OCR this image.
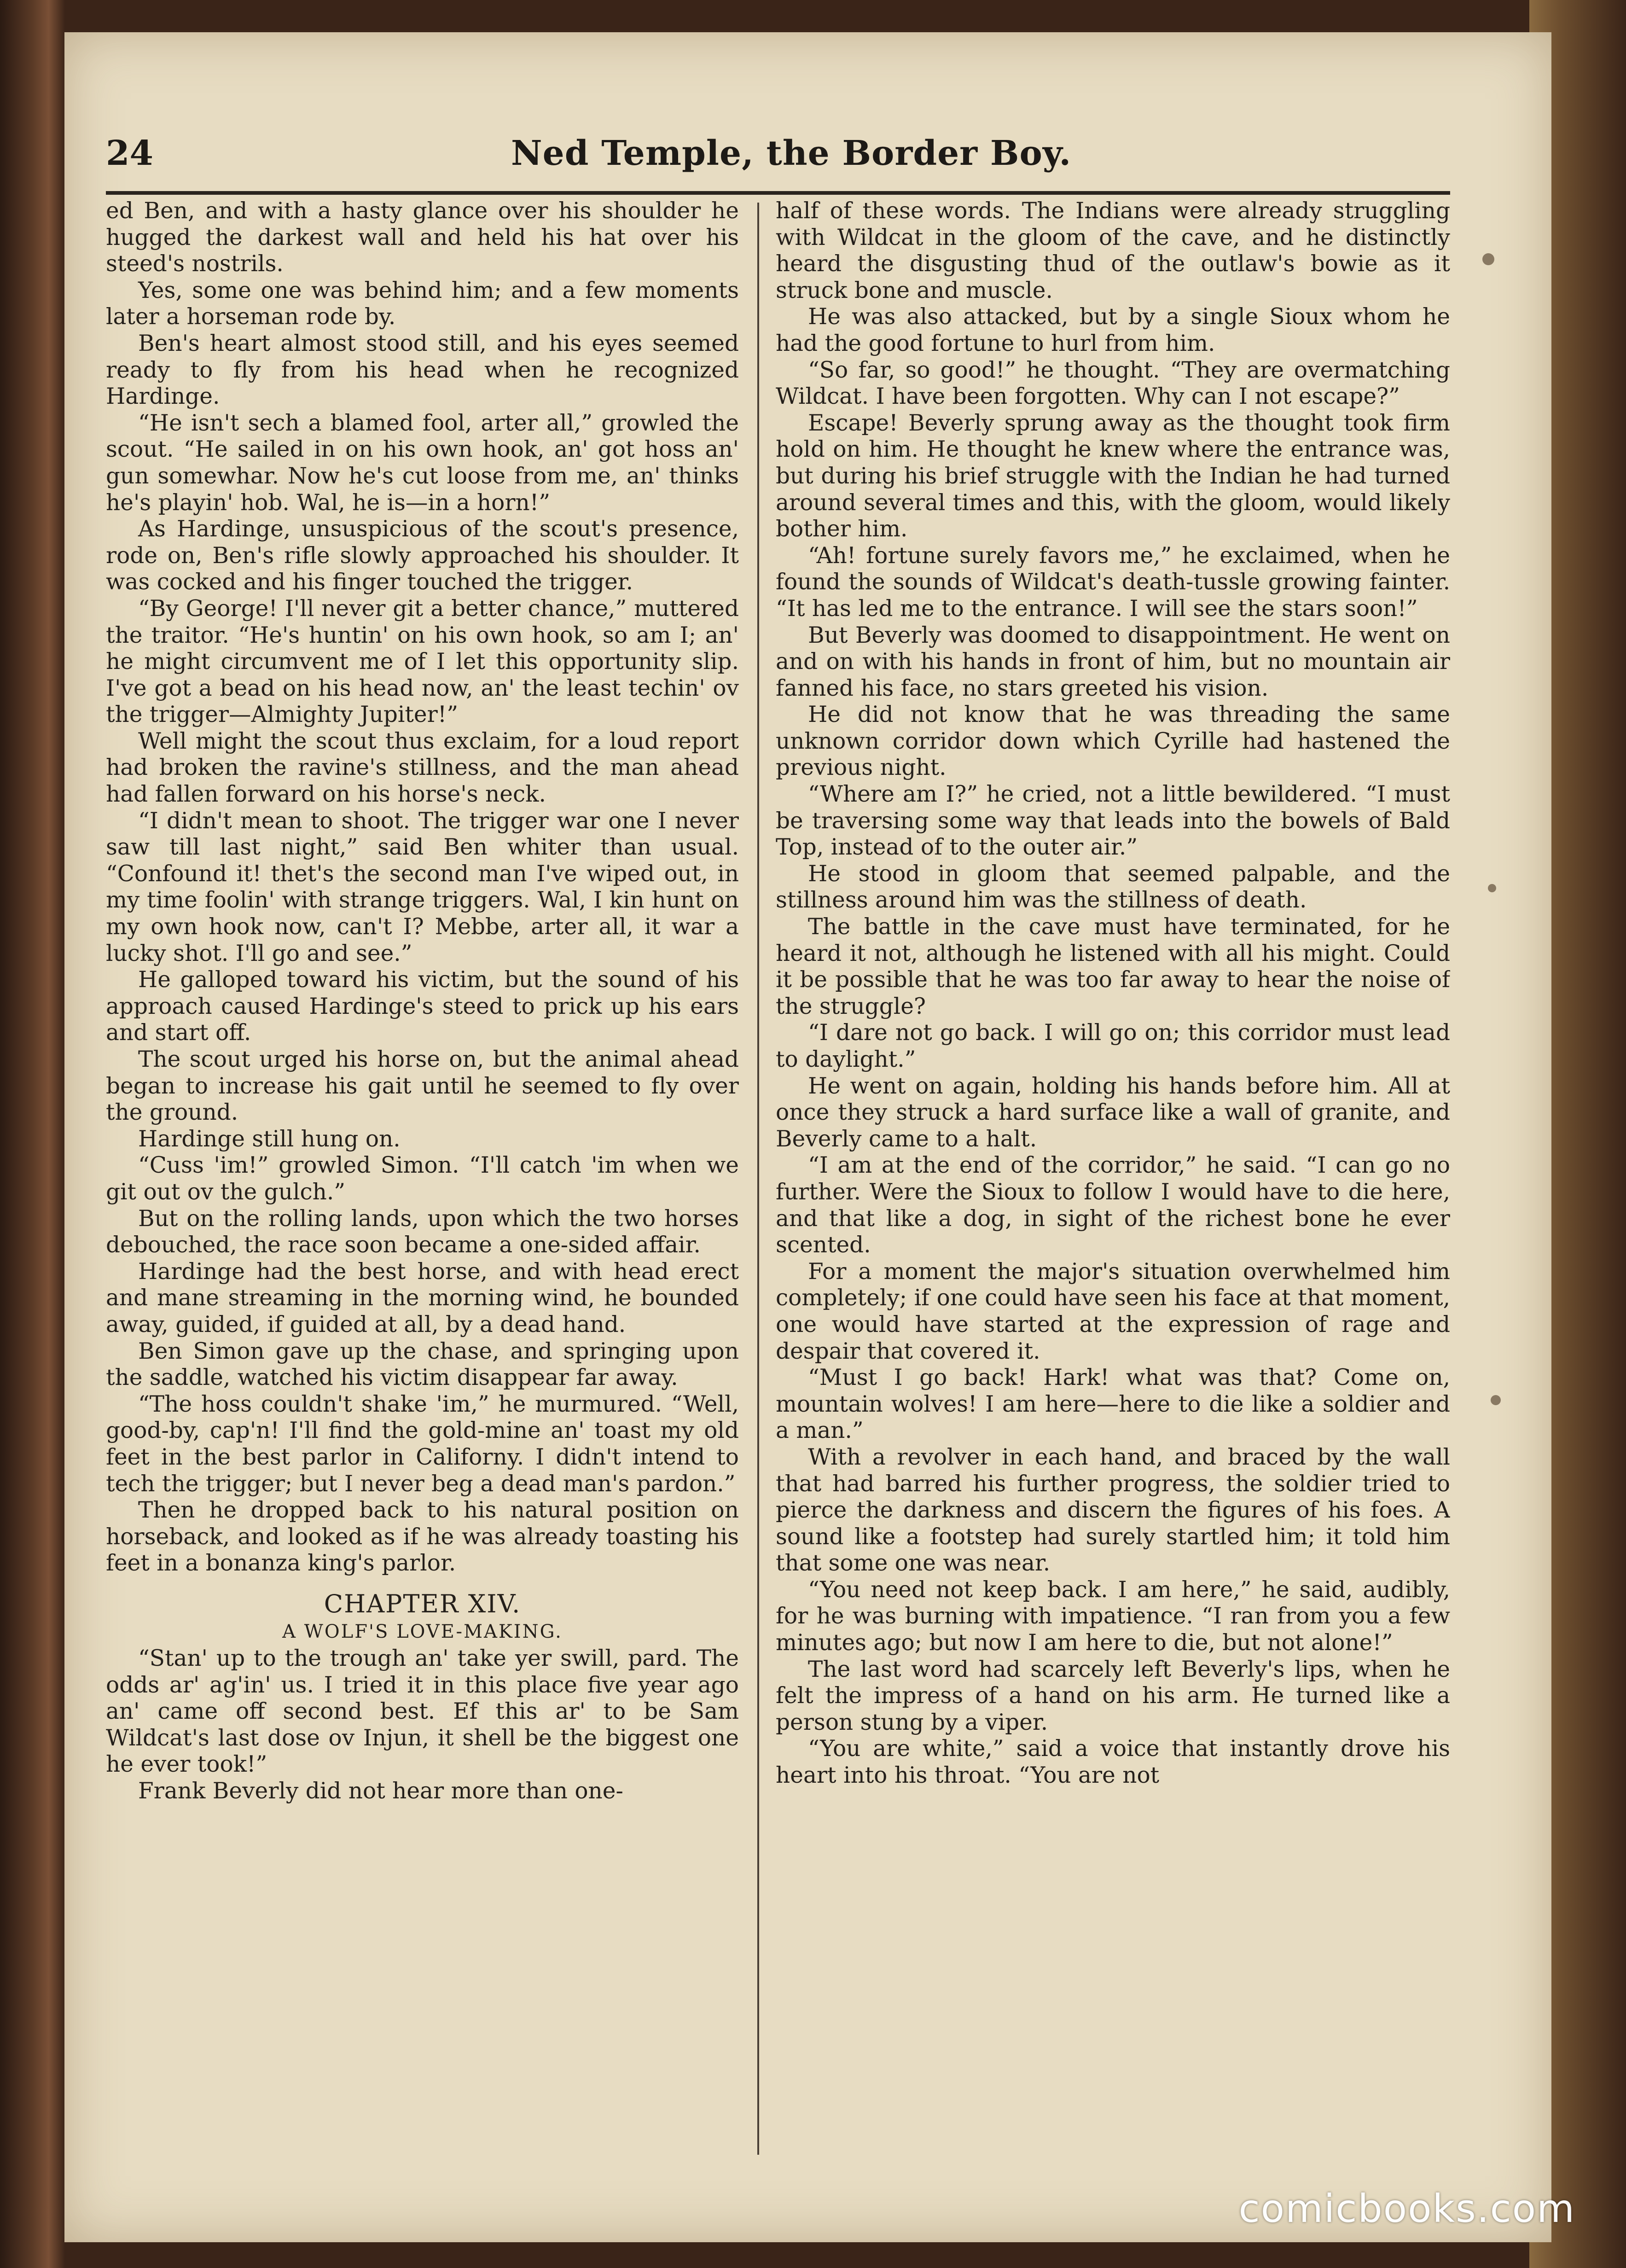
24	Ned Temple, the Border Boy.

ed Ben, and with a hasty glance over his shoulder he hugged the darkest wall and held his hat over his steed's nostrils.

Yes, some one was behind him; and a few moments later a horseman rode by.

Ben's heart almost stood still, and his eyes seemed ready to fly from his head when he recognized Hardinge.

“He isn't sech a blamed fool, arter all,” growled the scout. “He sailed in on his own hook, an' got hoss an' gun somewhar. Now he's cut loose from me, an' thinks he's playin' hob. Wal, he is—in a horn!”

As Hardinge, unsuspicious of the scout's presence, rode on, Ben's rifle slowly approached his shoulder. It was cocked and his finger touched the trigger.

“By George! I'll never git a better chance,” muttered the traitor. “He's huntin' on his own hook, so am I; an' he might circumvent me of I let this opportunity slip. I've got a bead on his head now, an' the least techin' ov the trigger—Almighty Jupiter!”

Well might the scout thus exclaim, for a loud report had broken the ravine's stillness, and the man ahead had fallen forward on his horse's neck.

“I didn't mean to shoot. The trigger war one I never saw till last night,” said Ben whiter than usual. “Confound it! thet's the second man I've wiped out, in my time foolin' with strange triggers. Wal, I kin hunt on my own hook now, can't I? Mebbe, arter all, it war a lucky shot. I'll go and see.”

He galloped toward his victim, but the sound of his approach caused Hardinge's steed to prick up his ears and start off.

The scout urged his horse on, but the animal ahead began to increase his gait until he seemed to fly over the ground.

Hardinge still hung on.

“Cuss 'im!” growled Simon. “I'll catch 'im when we git out ov the gulch.”

But on the rolling lands, upon which the two horses debouched, the race soon became a one-sided affair.

Hardinge had the best horse, and with head erect and mane streaming in the morning wind, he bounded away, guided, if guided at all, by a dead hand.

Ben Simon gave up the chase, and springing upon the saddle, watched his victim disappear far away.

“The hoss couldn't shake 'im,” he murmured. “Well, good-by, cap'n! I'll find the gold-mine an' toast my old feet in the best parlor in Californy. I didn't intend to tech the trigger; but I never beg a dead man's pardon.”

Then he dropped back to his natural position on horseback, and looked as if he was already toasting his feet in a bonanza king's parlor.

CHAPTER XIV.

A WOLF'S LOVE-MAKING.

“Stan' up to the trough an' take yer swill, pard. The odds ar' ag'in' us. I tried it in this place five year ago an' came off second best. Ef this ar' to be Sam Wildcat's last dose ov Injun, it shell be the biggest one he ever took!”

Frank Beverly did not hear more than one-

half of these words. The Indians were already struggling with Wildcat in the gloom of the cave, and he distinctly heard the disgusting thud of the outlaw's bowie as it struck bone and muscle.

He was also attacked, but by a single Sioux whom he had the good fortune to hurl from him.

“So far, so good!” he thought. “They are overmatching Wildcat. I have been forgotten. Why can I not escape?”

Escape! Beverly sprung away as the thought took firm hold on him. He thought he knew where the entrance was, but during his brief struggle with the Indian he had turned around several times and this, with the gloom, would likely bother him.

“Ah! fortune surely favors me,” he exclaimed, when he found the sounds of Wildcat's death-tussle growing fainter. “It has led me to the entrance. I will see the stars soon!”

But Beverly was doomed to disappointment. He went on and on with his hands in front of him, but no mountain air fanned his face, no stars greeted his vision.

He did not know that he was threading the same unknown corridor down which Cyrille had hastened the previous night.

“Where am I?” he cried, not a little bewildered. “I must be traversing some way that leads into the bowels of Bald Top, instead of to the outer air.”

He stood in gloom that seemed palpable, and the stillness around him was the stillness of death.

The battle in the cave must have terminated, for he heard it not, although he listened with all his might. Could it be possible that he was too far away to hear the noise of the struggle?

“I dare not go back. I will go on; this corridor must lead to daylight.”

He went on again, holding his hands before him. All at once they struck a hard surface like a wall of granite, and Beverly came to a halt.

“I am at the end of the corridor,” he said. “I can go no further. Were the Sioux to follow I would have to die here, and that like a dog, in sight of the richest bone he ever scented.

For a moment the major's situation overwhelmed him completely; if one could have seen his face at that moment, one would have started at the expression of rage and despair that covered it.

“Must I go back! Hark! what was that? Come on, mountain wolves! I am here—here to die like a soldier and a man.”

With a revolver in each hand, and braced by the wall that had barred his further progress, the soldier tried to pierce the darkness and discern the figures of his foes. A sound like a footstep had surely startled him; it told him that some one was near.

“You need not keep back. I am here,” he said, audibly, for he was burning with impatience. “I ran from you a few minutes ago; but now I am here to die, but not alone!”

The last word had scarcely left Beverly's lips, when he felt the impress of a hand on his arm. He turned like a person stung by a viper.

“You are white,” said a voice that instantly drove his heart into his throat. “You are not

comicbooks.com
